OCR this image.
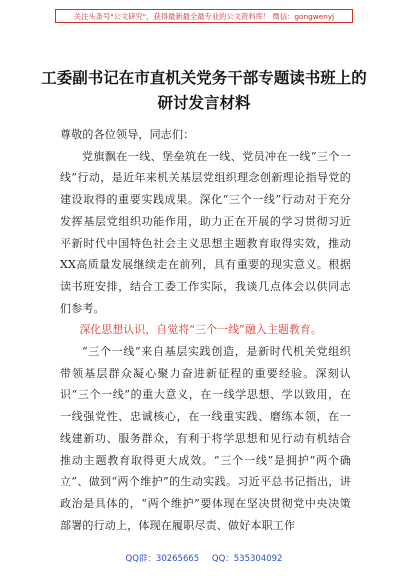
关注头条号"公文研究"，获得最新最全最专业的公文资料库！ 微信：gongwenyj
工委副书记在市直机关党务干部专题读书班上的研讨发言材料

尊敬的各位领导，同志们：

党旗飘在一线、堡垒筑在一线、党员冲在一线“三个一线”行动，是近年来机关基层党组织理念创新理论指导党的建设取得的重要实践成果。深化“三个一线”行动对于充分发挥基层党组织功能作用，助力正在开展的学习贯彻习近平新时代中国特色社会主义思想主题教育取得实效，推动XX高质量发展继续走在前列，具有重要的现实意义。根据读书班安排，结合工委工作实际，我谈几点体会以供同志们参考。

深化思想认识，自觉将“三个一线”融入主题教育。

“三个一线”来自基层实践创造，是新时代机关党组织带领基层群众凝心聚力奋进新征程的重要经验。深刻认识“三个一线”的重大意义，在一线学思想、学以致用，在一线强党性、忠诚核心，在一线重实践、磨练本领，在一线建新功、服务群众，有利于将学思想和见行动有机结合推动主题教育取得更大成效。“三个一线”是拥护“两个确立”、做到“两个维护”的生动实践。习近平总书记指出，讲政治是具体的，“两个维护”要体现在坚决贯彻党中央决策部署的行动上，体现在履职尽责、做好本职工作

QQ群：30265665 QQ：535304092
